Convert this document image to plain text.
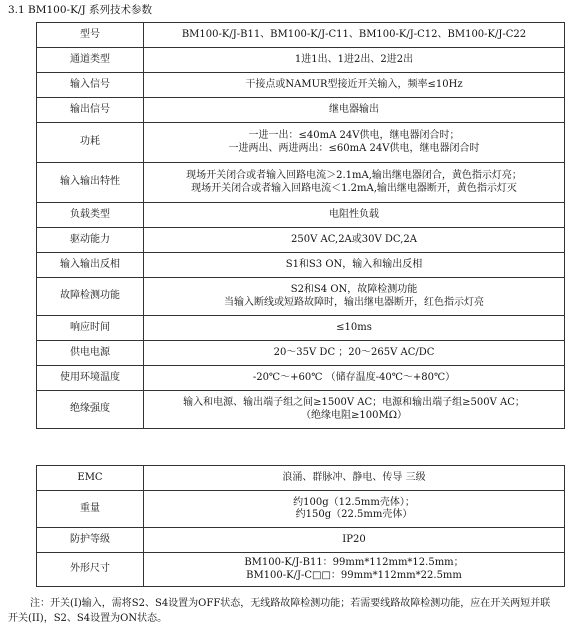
3.1 BM100-K/J 系列技术参数
型号	BM100-K/J-B11、BM100-K/J-C11、BM100-K/J-C12、BM100-K/J-C22

通道类型	1进1出、1进2出、2进2出

输入信号	干接点或NAMUR型接近开关输入，频率≤10Hz

输出信号	继电器输出

功耗	一进一出：≤40mA 24V供电，继电器闭合时；
一进两出、两进两出：≤60mA 24V供电，继电器闭合时

输入输出特性	现场开关闭合或者输入回路电流＞2.1mA,输出继电器闭合，黄色指示灯亮；
现场开关闭合或者输入回路电流＜1.2mA,输出继电器断开，黄色指示灯灭

负载类型	电阻性负载

驱动能力	250V AC,2A或30V DC,2A

输入输出反相	S1和S3 ON，输入和输出反相

故障检测功能	S2和S4 ON，故障检测功能
当输入断线或短路故障时，输出继电器断开，红色指示灯亮

响应时间	≤10ms

供电电源	20～35V DC ；20～265V AC/DC

使用环境温度	-20℃～+60℃ （储存温度-40℃～+80℃）

绝缘强度	输入和电源、输出端子组之间≥1500V AC；电源和输出端子组≥500V AC；
（绝缘电阻≥100MΩ）
EMC	浪涌、群脉冲、静电、传导 三级

重量	约100g（12.5mm壳体）；
约150g（22.5mm壳体）

防护等级	IP20

外形尺寸	BM100-K/J-B11：99mm*112mm*12.5mm；
BM100-K/J-C□□：99mm*112mm*22.5mm
注：开关(I)输入，需将S2、S4设置为OFF状态，无线路故障检测功能；若需要线路故障检测功能，应在开关两短并联开关(II)，S2、S4设置为ON状态。
